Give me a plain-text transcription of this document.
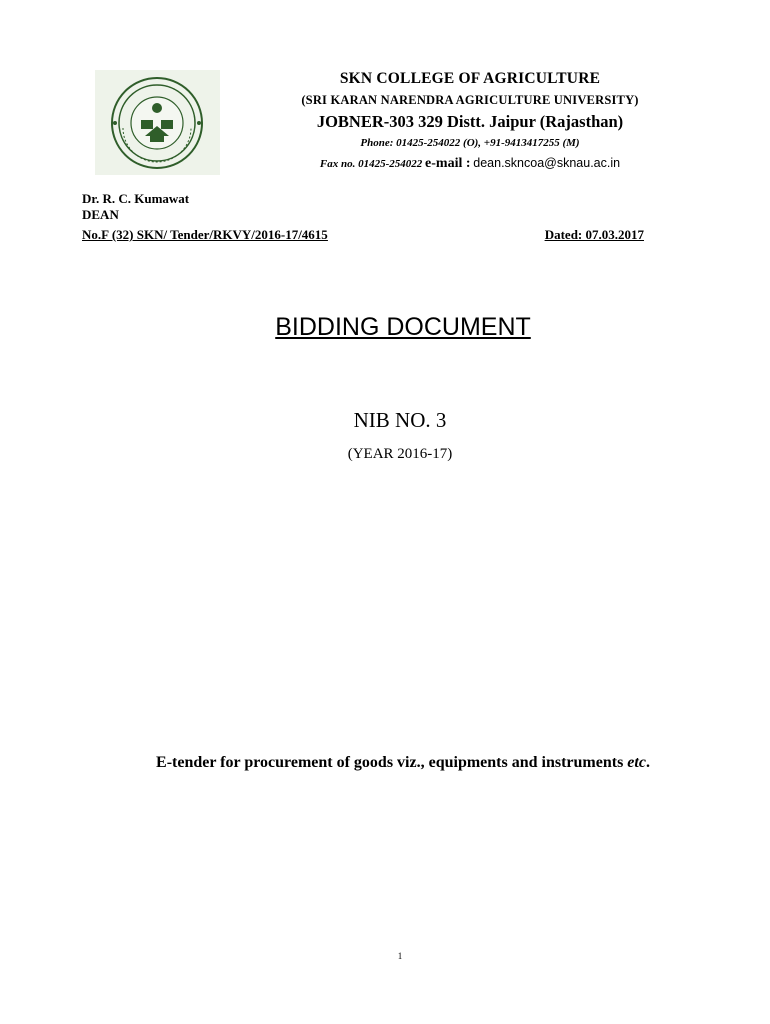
SKN COLLEGE OF AGRICULTURE

(SRI KARAN NARENDRA AGRICULTURE UNIVERSITY)

JOBNER-303 329 Distt. Jaipur (Rajasthan)

Phone: 01425-254022 (O), +91-9413417255 (M)

Fax no. 01425-254022 e-mail : dean.skncoa@sknau.ac.in

Dr. R. C. Kumawat
DEAN
No.F (32) SKN/ Tender/RKVY/2016-17/4615	Dated: 07.03.2017
BIDDING DOCUMENT
NIB NO. 3
(YEAR 2016-17)
E-tender for procurement of goods viz., equipments and instruments etc.
1
